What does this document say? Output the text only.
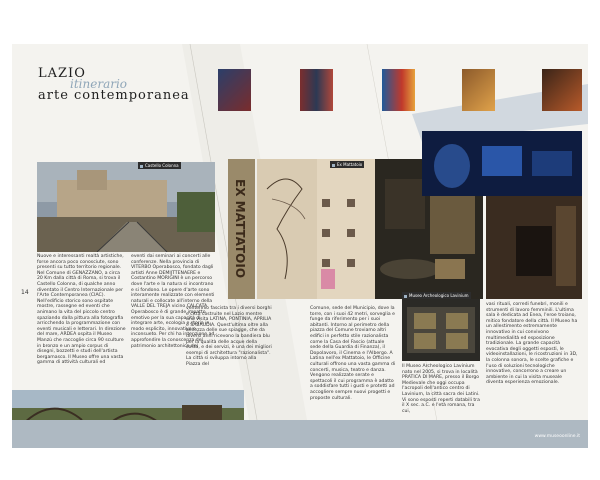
LAZIO
itinerario
arte contemporanea
Castello Colonna
EX MATTATOIO
Ex Mattatoio
Museo Archeologico Lavinium
14
Nuove e interessanti realtà artistiche, forse ancora poco conosciute, sono presenti su tutto territorio regionale. Nel Comune di GENAZZANO, a circa 20 Km dalla città di Roma, si trova il Castello Colonna, di qualche anno diventato il Centro Internazionale per l'Arte Contemporanea (CIAC). Nell'edificio storico sono ospitate mostre, rassegne ed eventi che animano la vita del piccolo centro spaziando dalla pittura alla fotografia arricchendo la programmazione con eventi musicali e letterari. In direzione del mare, ARDEA ospita il Museo Manzù che raccoglie circa 90 sculture in bronzo e un ampio corpus di disegni, bozzetti e studi dell'artista bergamasco. Il Museo offre una vasta gamma di attività culturali ed
eventi dai seminari ai concerti alle conferenze. Nella provincia di VITERBO Operabosco, fondato dagli artisti Anne DEMIJTTENAERE e Costantino MORIGINI è un percorso dove l'arte e la natura si incontrano e si fondono. Le opere d'arte sono interamente realizzate con elementi naturali e collocate all'interno della VALLE DEL TREJA vicino CALCATA. Operabosco è di grande impatto emotivo per la sua capacità di integrare arte, ecologia e storia in modo esplicito, innovativo e inconsueto. Per chi ha intenzione ad approfondire la conoscenza del patrimonio architettonico del
ventennio fascista tra i diversi borghi e città costruite nel Lazio mentre una visita LATINA, PONTINIA, APRILIA e SABAUDIA. Quest'ultima oltre alla bellezza delle sue spiagge, che da diversi anni ricevono la bandiera blu per la qualità delle acque della costa, e dei servizi, è una dei migliori esempi di architettura "razionalista". La città si sviluppa intorno alla Piazza del
Comune, sede del Municipio, dove la torre, con i suoi 42 metri, sorveglia e funge da riferimento per i suoi abitanti. Intorno al perimetro della piazza del Comune troviamo altri edifici in perfetto stile razionalista come la Casa del Fascio (attuale sede della Guardia di Finanza), il Dopolavoro, il Cinema e l'Albergo. A Latina nell'ex Mattatoio, le Officine culturali offrono una vasta gamma di concerti, musica, teatro e danza. Vengono realizzate serate e spettacoli il cui programma è adatto a soddisfare tutti i gusti e protetti ad accogliere sempre nuovi progetti e proposte culturali.
Il Museo Archeologico Lavinium nato nel 2005, si trova in località PRATICA DI MARE, presso il Borgo Medievale che oggi occupa l'acropoli dell'antico centro di Lavinium, la città sacra dei Latini. Vi sono esposti reperti databili tra il X sec. a.C. e l'età romana, tra cui,
vasi rituali, corredi funebri, monili e strumenti di lavoro femminili. L'ultima sala è dedicata ad Enea, l'eroe troiano, mitico fondatore della città. Il Museo ha un allestimento estremamente innovativo in cui convivono multimedialità ed esposizione tradizionale. La grande capacità evocativa degli oggetti esposti, le videoinstallazioni, le ricostruzioni in 3D, la colonna sonora, le scelte grafiche e l'uso di soluzioni tecnologiche innovative, concorrono a creare un ambiente in cui la visita museale diventa esperienza emozionale.
www.museoonline.it
